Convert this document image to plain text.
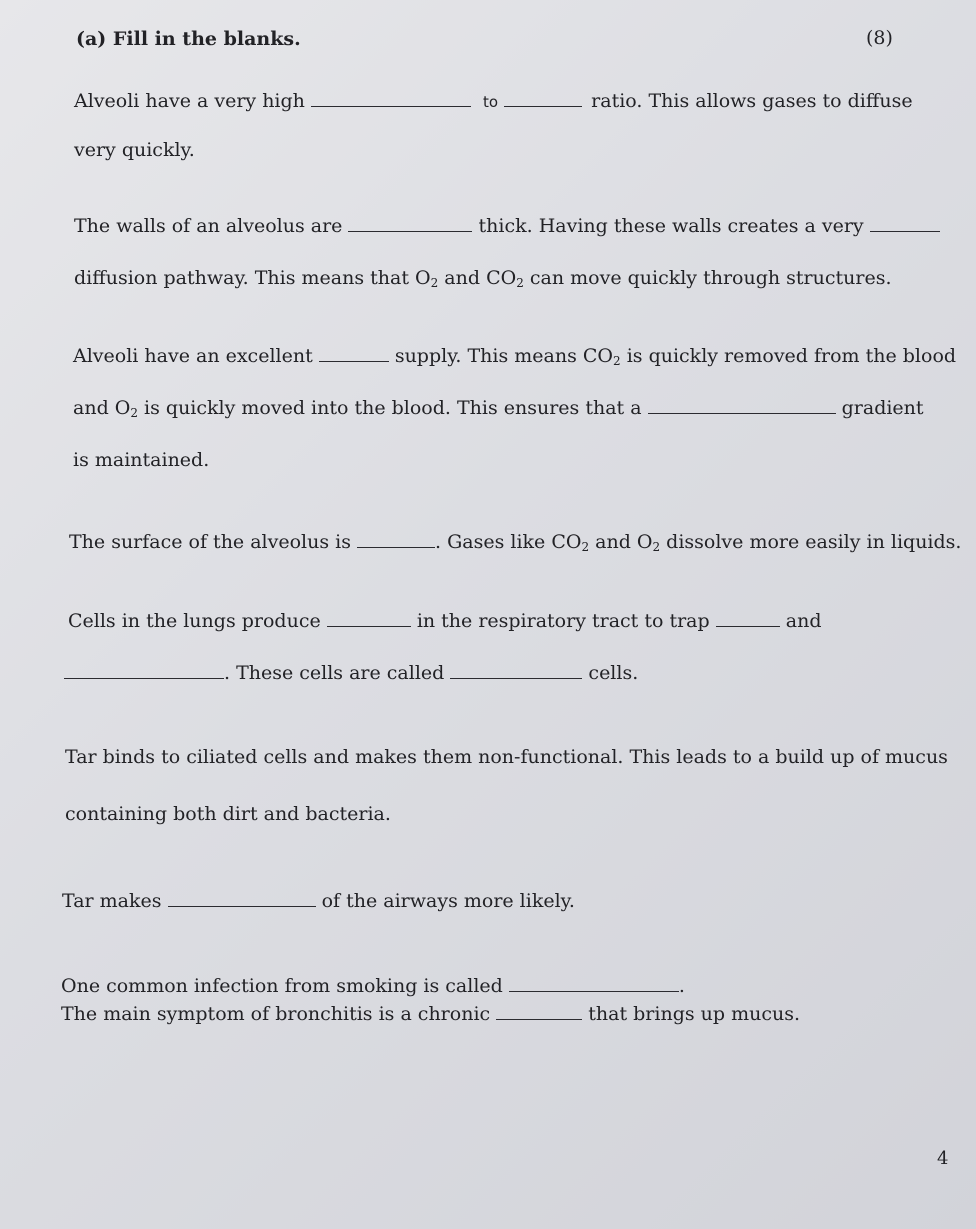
(a) Fill in the blanks.	(8)
Alveoli have a very high	to	ratio. This allows gases to diffuse
very quickly.
The walls of an alveolus are	thick. Having these walls creates a very
diffusion pathway. This means that $O_2$ and $CO_2$ can move quickly through structures.
Alveoli have an excellent	supply. This means $CO_2$ is quickly removed from the blood
and $O_2$ is quickly moved into the blood. This ensures that a	gradient
is maintained.
The surface of the alveolus is	. Gases like $CO_2$ and $O_2$ dissolve more easily in liquids.
Cells in the lungs produce	in the respiratory tract to trap	and
. These cells are called	cells.
Tar binds to ciliated cells and makes them non-functional. This leads to a build up of mucus
containing both dirt and bacteria.
Tar makes	of the airways more likely.
One common infection from smoking is called	.
The main symptom of bronchitis is a chronic	that brings up mucus.
4
